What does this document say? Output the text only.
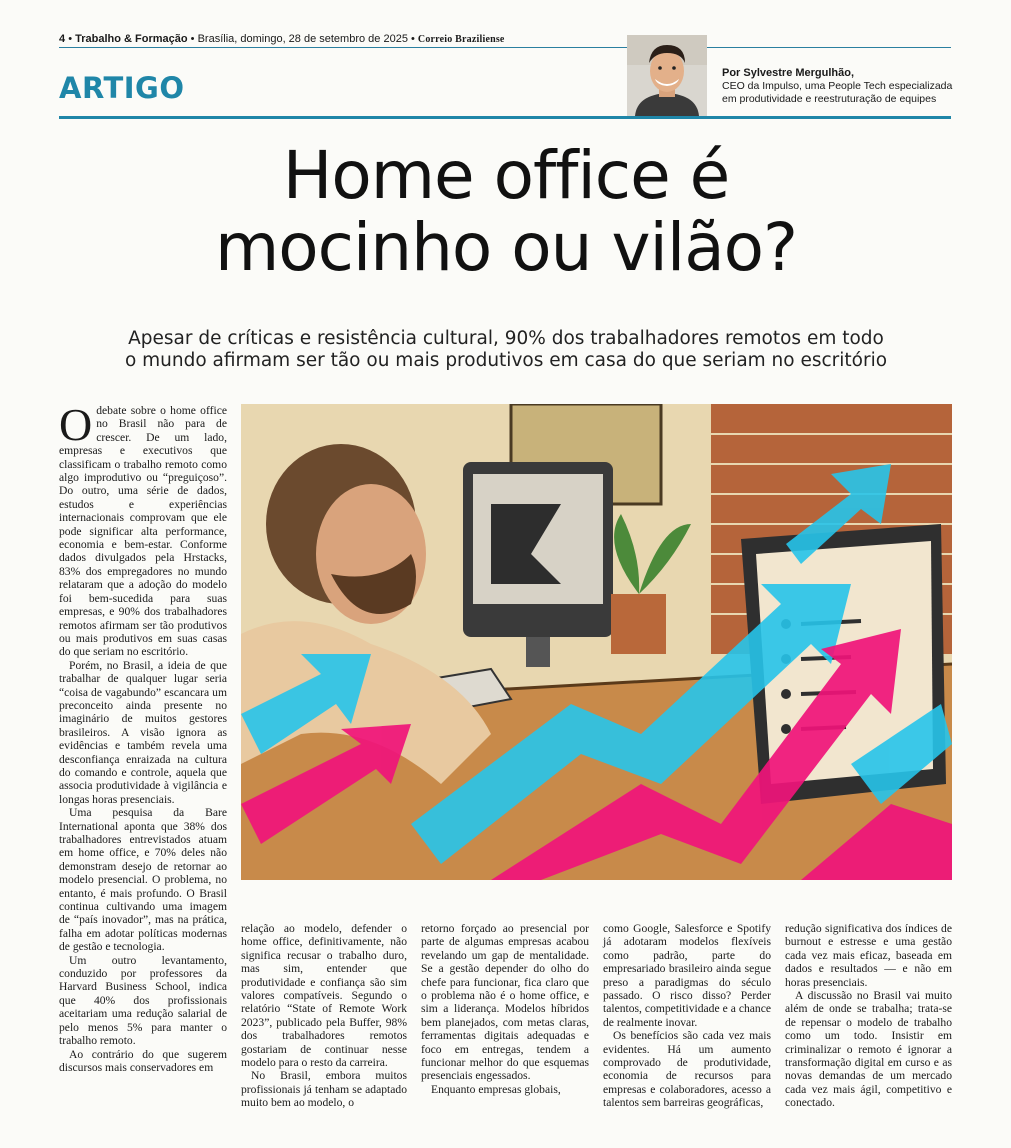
4 • Trabalho & Formação • Brasília, domingo, 28 de setembro de 2025 • Correio Braziliense
ARTIGO	Por Sylvestre Mergulhão,
CEO da Impulso, uma People Tech especializada em produtividade e reestruturação de equipes
Home office é
mocinho ou vilão?
Apesar de críticas e resistência cultural, 90% dos trabalhadores remotos em todo
o mundo afirmam ser tão ou mais produtivos em casa do que seriam no escritório

Odebate sobre o home office no Brasil não para de crescer. De um lado, empresas e executivos que classificam o trabalho remoto como algo improdutivo ou “preguiçoso”. Do outro, uma série de dados, estudos e experiências internacionais comprovam que ele pode significar alta performance, economia e bem-estar. Conforme dados divulgados pela Hrstacks, 83% dos empregadores no mundo relataram que a adoção do modelo foi bem-sucedida para suas empresas, e 90% dos trabalhadores remotos afirmam ser tão produtivos ou mais produtivos em suas casas do que seriam no escritório.

Porém, no Brasil, a ideia de que trabalhar de qualquer lugar seria “coisa de vagabundo” escancara um preconceito ainda presente no imaginário de muitos gestores brasileiros. A visão ignora as evidências e também revela uma desconfiança enraizada na cultura do comando e controle, aquela que associa produtividade à vigilância e longas horas presenciais.

Uma pesquisa da Bare International aponta que 38% dos trabalhadores entrevistados atuam em home office, e 70% deles não demonstram desejo de retornar ao modelo presencial. O problema, no entanto, é mais profundo. O Brasil continua cultivando uma imagem de “país inovador”, mas na prática, falha em adotar políticas modernas de gestão e tecnologia.

Um outro levantamento, conduzido por professores da Harvard Business School, indica que 40% dos profissionais aceitariam uma redução salarial de pelo menos 5% para manter o trabalho remoto.

Ao contrário do que sugerem discursos mais conservadores em

relação ao modelo, defender o home office, definitivamente, não significa recusar o trabalho duro, mas sim, entender que produtividade e confiança são sim valores compatíveis. Segundo o relatório “State of Remote Work 2023”, publicado pela Buffer, 98% dos trabalhadores remotos gostariam de continuar nesse modelo para o resto da carreira.

No Brasil, embora muitos profissionais já tenham se adaptado muito bem ao modelo, o

retorno forçado ao presencial por parte de algumas empresas acabou revelando um gap de mentalidade. Se a gestão depender do olho do chefe para funcionar, fica claro que o problema não é o home office, e sim a liderança. Modelos híbridos bem planejados, com metas claras, ferramentas digitais adequadas e foco em entregas, tendem a funcionar melhor do que esquemas presenciais engessados.

Enquanto empresas globais,

como Google, Salesforce e Spotify já adotaram modelos flexíveis como padrão, parte do empresariado brasileiro ainda segue preso a paradigmas do século passado. O risco disso? Perder talentos, competitividade e a chance de realmente inovar.

Os benefícios são cada vez mais evidentes. Há um aumento comprovado de produtividade, economia de recursos para empresas e colaboradores, acesso a talentos sem barreiras geográficas,

redução significativa dos índices de burnout e estresse e uma gestão cada vez mais eficaz, baseada em dados e resultados — e não em horas presenciais.

A discussão no Brasil vai muito além de onde se trabalha; trata-se de repensar o modelo de trabalho como um todo. Insistir em criminalizar o remoto é ignorar a transformação digital em curso e as novas demandas de um mercado cada vez mais ágil, competitivo e conectado.
